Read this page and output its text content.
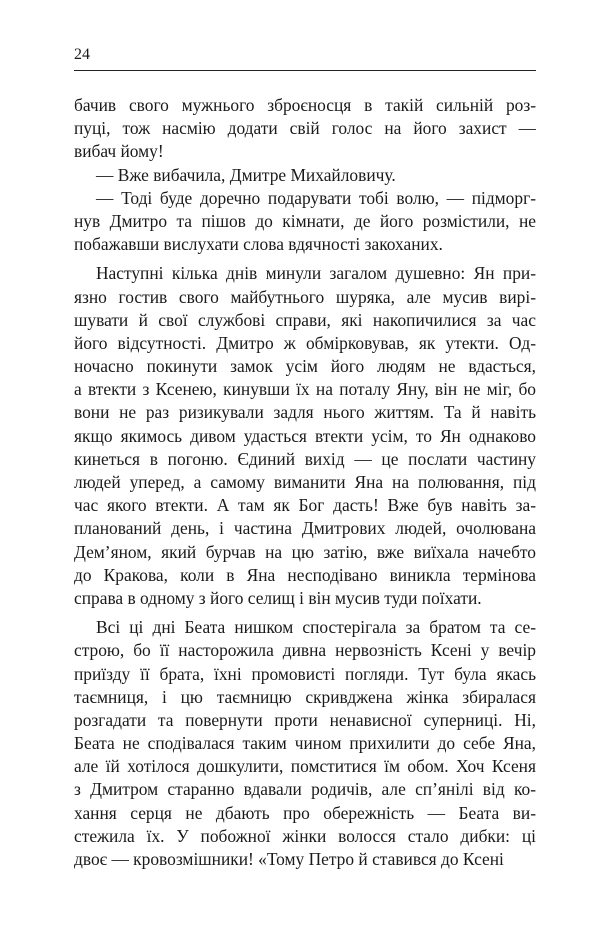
24
бачив свого мужнього зброєносця в такій сильній роз-
пуці, тож насмію додати свій голос на його захист —
вибач йому!
— Вже вибачила, Дмитре Михайловичу.
— Тоді буде доречно подарувати тобі волю, — підморг-
нув Дмитро та пішов до кімнати, де його розмістили, не
побажавши вислухати слова вдячності закоханих.
Наступні кілька днів минули загалом душевно: Ян при-
язно гостив свого майбутнього шуряка, але мусив вирі-
шувати й свої службові справи, які накопичилися за час
його відсутності. Дмитро ж обмірковував, як утекти. Од-
ночасно покинути замок усім його людям не вдасться,
а втекти з Ксенею, кинувши їх на поталу Яну, він не міг, бо
вони не раз ризикували задля нього життям. Та й навіть
якщо якимось дивом удасться втекти усім, то Ян однаково
кинеться в погоню. Єдиний вихід — це послати частину
людей уперед, а самому виманити Яна на полювання, під
час якого втекти. А там як Бог дасть! Вже був навіть за-
планований день, і частина Дмитрових людей, очолювана
Дем’яном, який бурчав на цю затію, вже виїхала начебто
до Кракова, коли в Яна несподівано виникла термінова
справа в одному з його селищ і він мусив туди поїхати.
Всі ці дні Беата нишком спостерігала за братом та се-
строю, бо її насторожила дивна нервозність Ксені у вечір
приїзду її брата, їхні промовисті погляди. Тут була якась
таємниця, і цю таємницю скривджена жінка збиралася
розгадати та повернути проти ненависної суперниці. Ні,
Беата не сподівалася таким чином прихилити до себе Яна,
але їй хотілося дошкулити, помститися їм обом. Хоч Ксеня
з Дмитром старанно вдавали родичів, але сп’янілі від ко-
хання серця не дбають про обережність — Беата ви-
стежила їх. У побожної жінки волосся стало дибки: ці
двоє — кровозмішники! «Тому Петро й ставився до Ксені
